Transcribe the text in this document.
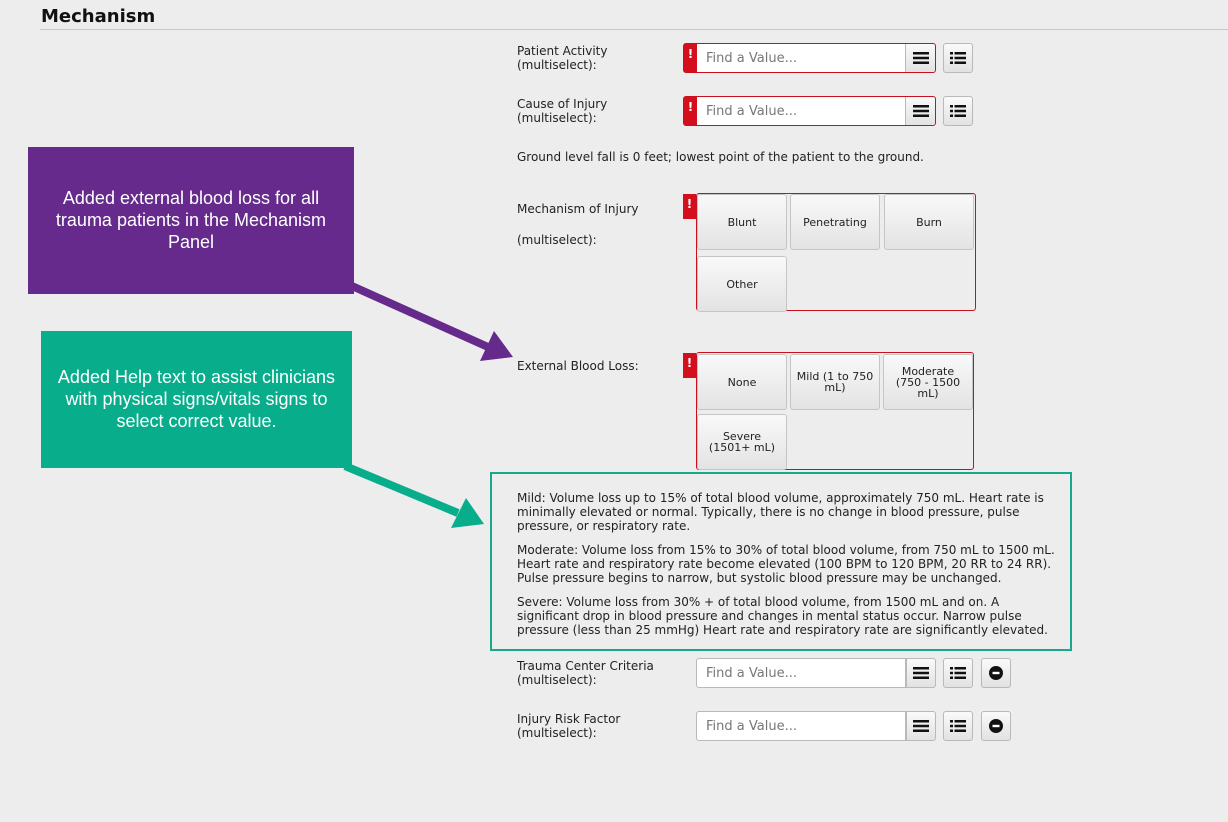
Mechanism
Patient Activity
(multiselect):
! Find a Value...
Cause of Injury
(multiselect):
! Find a Value...
Ground level fall is 0 feet; lowest point of the patient to the ground.
Mechanism of Injury
(multiselect):
!
Blunt	Penetrating	Burn
Other
External Blood Loss:	!
None	Mild (1 to 750 mL)
Moderate (750 - 1500 mL)
Severe (1501+ mL)
Mild: Volume loss up to 15% of total blood volume, approximately 750 mL. Heart rate is minimally elevated or normal. Typically, there is no change in blood pressure, pulse pressure, or respiratory rate.
Moderate: Volume loss from 15% to 30% of total blood volume, from 750 mL to 1500 mL. Heart rate and respiratory rate become elevated (100 BPM to 120 BPM, 20 RR to 24 RR). Pulse pressure begins to narrow, but systolic blood pressure may be unchanged.
Severe: Volume loss from 30% + of total blood volume, from 1500 mL and on. A significant drop in blood pressure and changes in mental status occur. Narrow pulse pressure (less than 25 mmHg) Heart rate and respiratory rate are significantly elevated.
Trauma Center Criteria
(multiselect):	Find a Value...
Injury Risk Factor
(multiselect):	Find a Value...
Added external blood loss for all trauma patients in the Mechanism Panel
Added Help text to assist clinicians with physical signs/vitals signs to select correct value.
